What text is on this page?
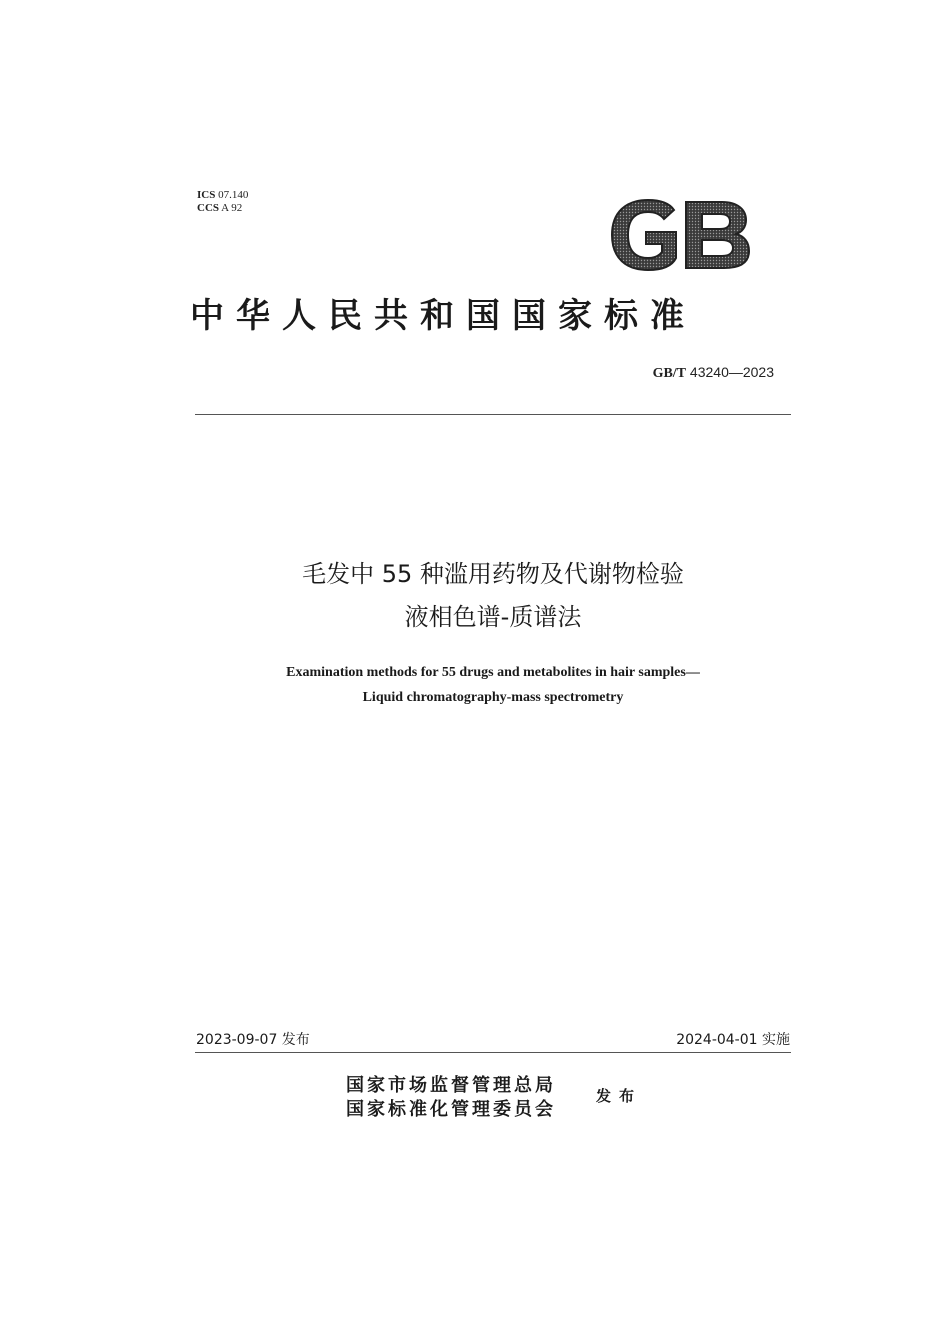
ICS 07.140
CCS A 92
中华人民共和国国家标准
GB/T 43240—2023
毛发中 55 种滥用药物及代谢物检验
液相色谱-质谱法
Examination methods for 55 drugs and metabolites in hair samples—
Liquid chromatography-mass spectrometry
2023-09-07 发布	2024-04-01 实施
国家市场监督管理总局
国家标准化管理委员会
发布
